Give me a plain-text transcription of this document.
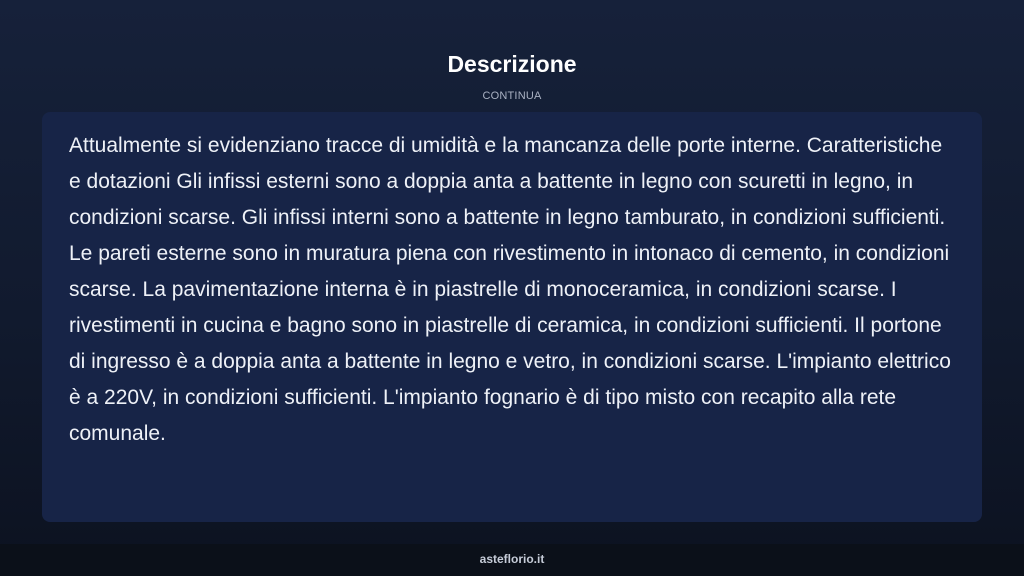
Descrizione
CONTINUA

Attualmente si evidenziano tracce di umidità e la mancanza delle porte interne. Caratteristiche e dotazioni Gli infissi esterni sono a doppia anta a battente in legno con scuretti in legno, in condizioni scarse. Gli infissi interni sono a battente in legno tamburato, in condizioni sufficienti. Le pareti esterne sono in muratura piena con rivestimento in intonaco di cemento, in condizioni scarse. La pavimentazione interna è in piastrelle di monoceramica, in condizioni scarse. I rivestimenti in cucina e bagno sono in piastrelle di ceramica, in condizioni sufficienti. Il portone di ingresso è a doppia anta a battente in legno e vetro, in condizioni scarse. L'impianto elettrico è a 220V, in condizioni sufficienti. L'impianto fognario è di tipo misto con recapito alla rete comunale.

asteflorio.it
